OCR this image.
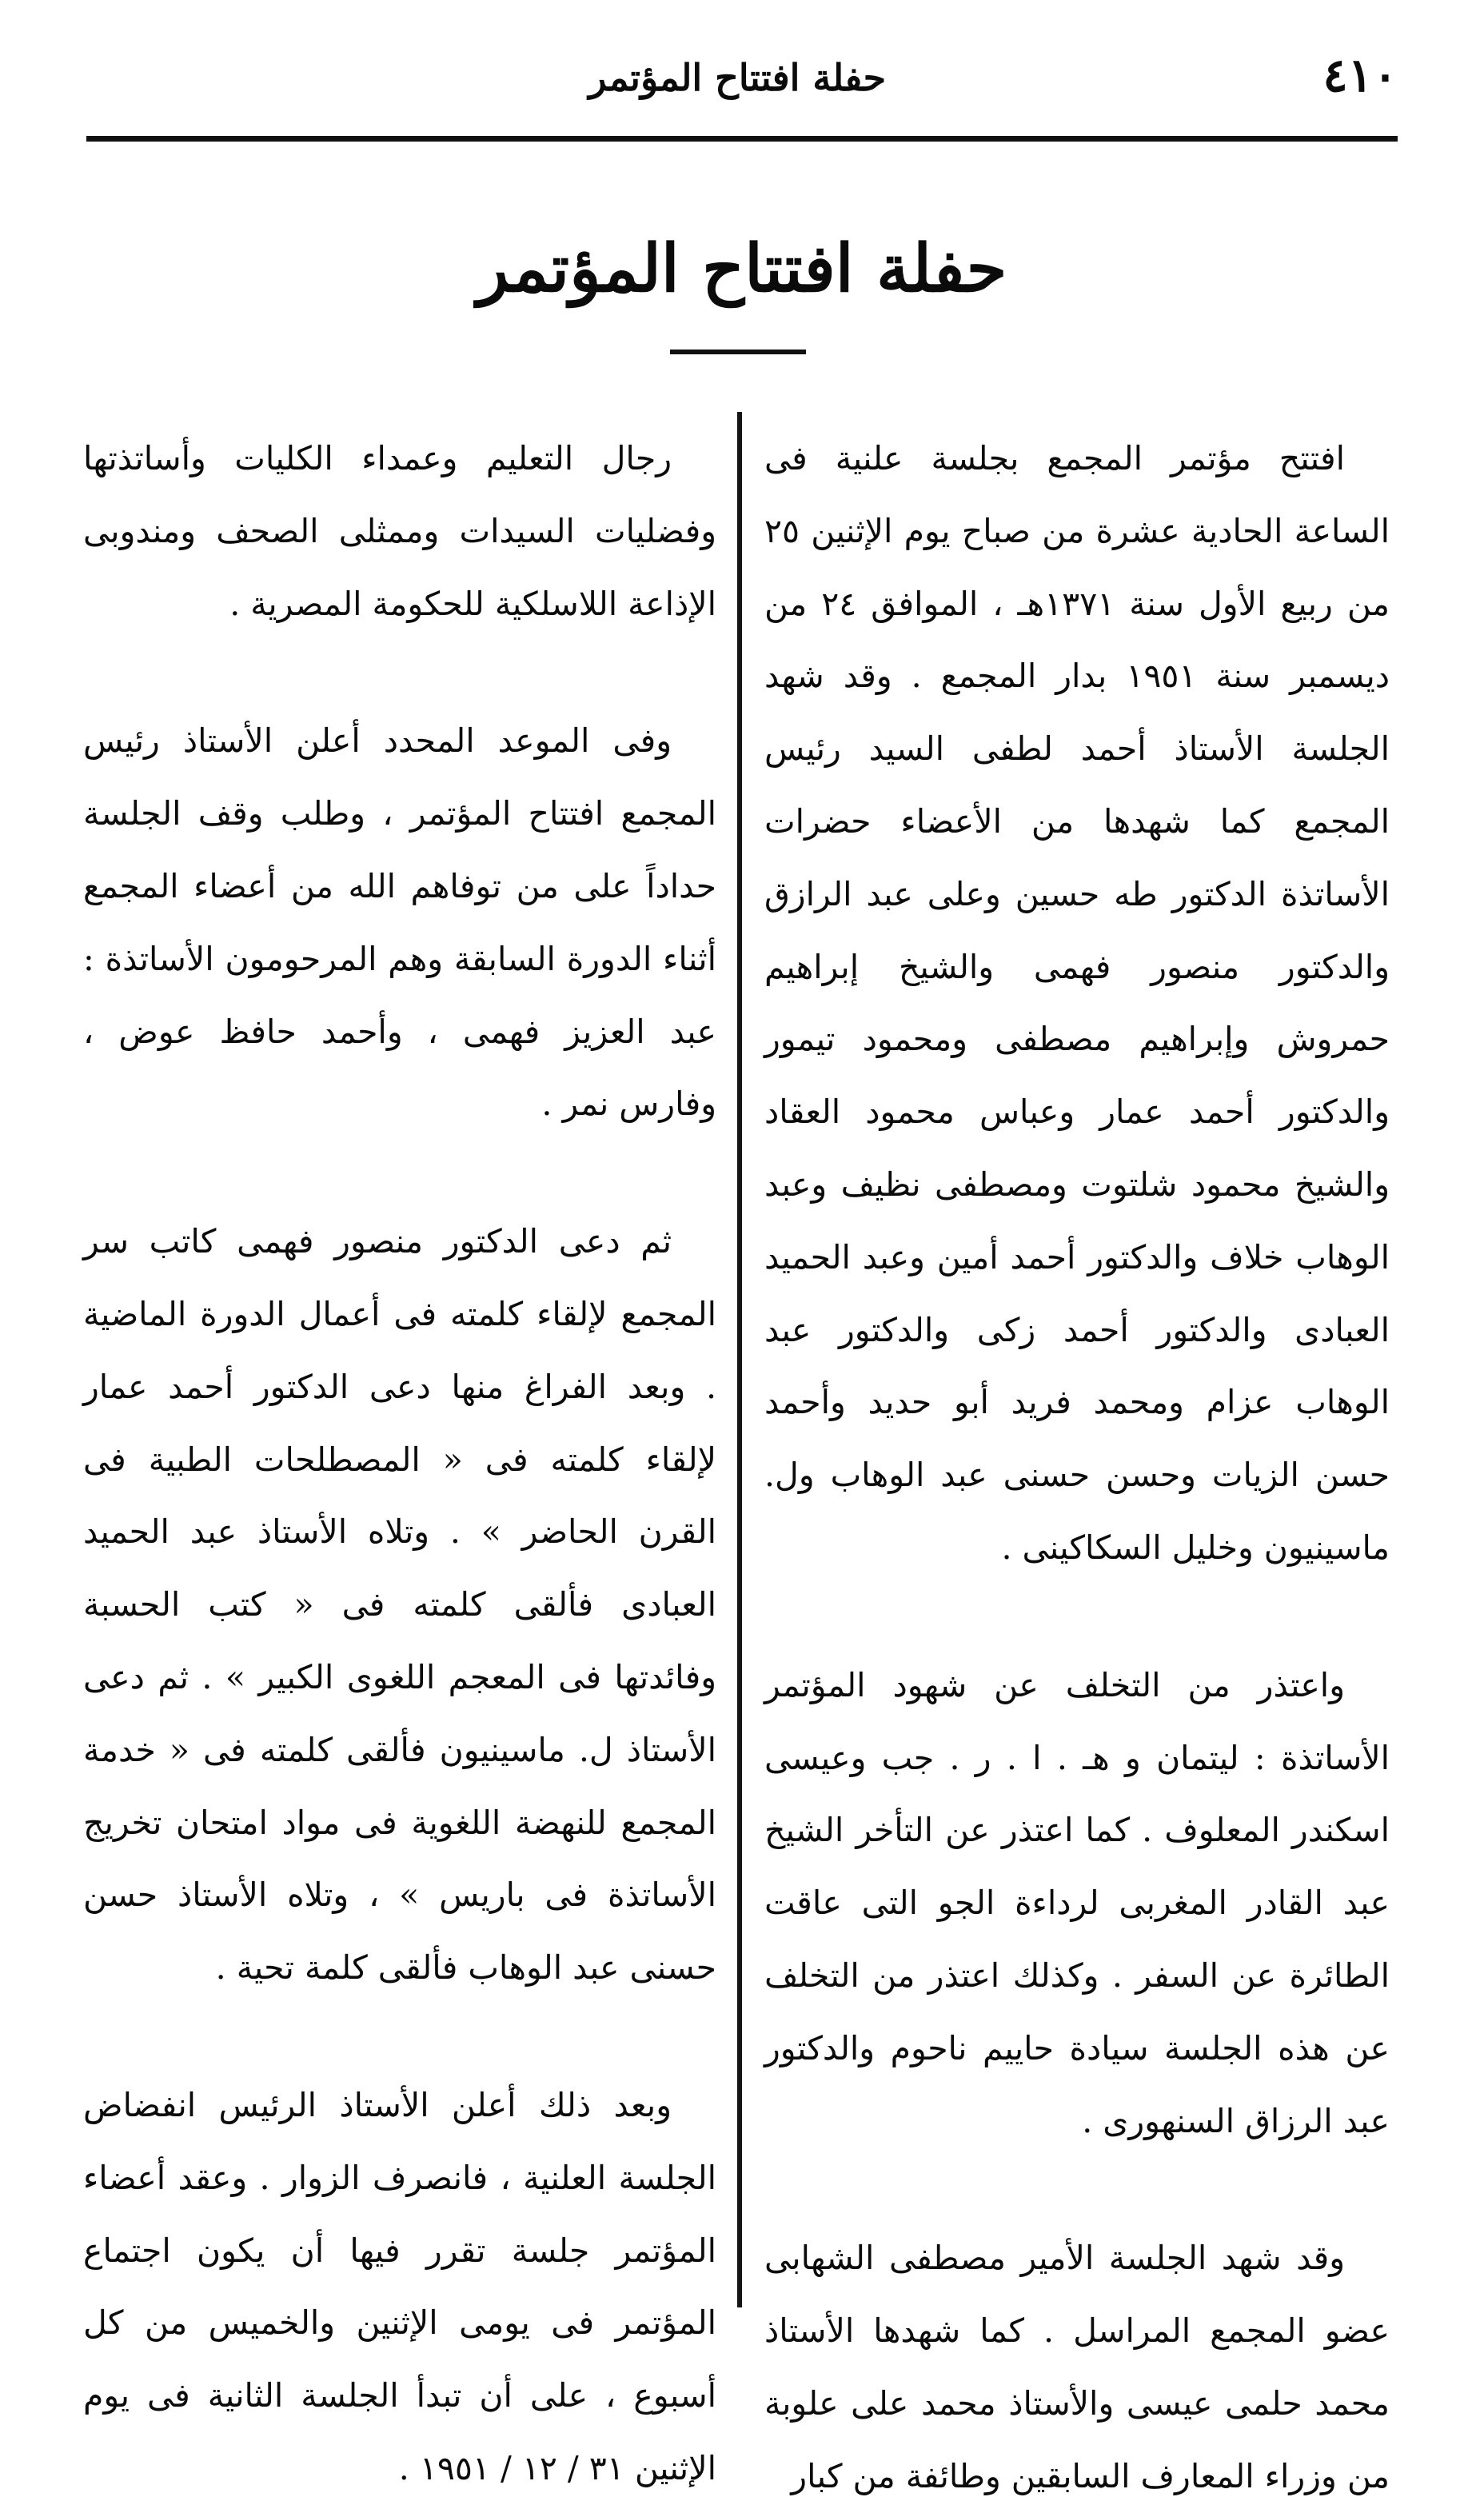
٤١٠
حفلة افتتاح المؤتمر
حفلة افتتاح المؤتمر

افتتح مؤتمر المجمع بجلسة علنية فى الساعة الحادية عشرة من صباح يوم الإثنين ٢٥ من ربيع الأول سنة ١٣٧١هـ ، الموافق ٢٤ من ديسمبر سنة ١٩٥١ بدار المجمع . وقد شهد الجلسة الأستاذ أحمد لطفى السيد رئيس المجمع كما شهدها من الأعضاء حضرات الأساتذة الدكتور طه حسين وعلى عبد الرازق والدكتور منصور فهمى والشيخ إبراهيم حمروش وإبراهيم مصطفى ومحمود تيمور والدكتور أحمد عمار وعباس محمود العقاد والشيخ محمود شلتوت ومصطفى نظيف وعبد الوهاب خلاف والدكتور أحمد أمين وعبد الحميد العبادى والدكتور أحمد زكى والدكتور عبد الوهاب عزام ومحمد فريد أبو حديد وأحمد حسن الزيات وحسن حسنى عبد الوهاب ول. ماسينيون وخليل السكاكينى .

واعتذر من التخلف عن شهود المؤتمر الأساتذة : ليتمان و هـ . ا . ر . جب وعيسى اسكندر المعلوف . كما اعتذر عن التأخر الشيخ عبد القادر المغربى لرداءة الجو التى عاقت الطائرة عن السفر . وكذلك اعتذر من التخلف عن هذه الجلسة سيادة حاييم ناحوم والدكتور عبد الرزاق السنهورى .

وقد شهد الجلسة الأمير مصطفى الشهابى عضو المجمع المراسل . كما شهدها الأستاذ محمد حلمى عيسى والأستاذ محمد على علوبة من وزراء المعارف السابقين وطائفة من كبار

رجال التعليم وعمداء الكليات وأساتذتها وفضليات السيدات وممثلى الصحف ومندوبى الإذاعة اللاسلكية للحكومة المصرية .

وفى الموعد المحدد أعلن الأستاذ رئيس المجمع افتتاح المؤتمر ، وطلب وقف الجلسة حداداً على من توفاهم الله من أعضاء المجمع أثناء الدورة السابقة وهم المرحومون الأساتذة : عبد العزيز فهمى ، وأحمد حافظ عوض ، وفارس نمر .

ثم دعى الدكتور منصور فهمى كاتب سر المجمع لإلقاء كلمته فى أعمال الدورة الماضية . وبعد الفراغ منها دعى الدكتور أحمد عمار لإلقاء كلمته فى « المصطلحات الطبية فى القرن الحاضر » . وتلاه الأستاذ عبد الحميد العبادى فألقى كلمته فى « كتب الحسبة وفائدتها فى المعجم اللغوى الكبير » . ثم دعى الأستاذ ل. ماسينيون فألقى كلمته فى « خدمة المجمع للنهضة اللغوية فى مواد امتحان تخريج الأساتذة فى باريس » ، وتلاه الأستاذ حسن حسنى عبد الوهاب فألقى كلمة تحية .

وبعد ذلك أعلن الأستاذ الرئيس انفضاض الجلسة العلنية ، فانصرف الزوار . وعقد أعضاء المؤتمر جلسة تقرر فيها أن يكون اجتماع المؤتمر فى يومى الإثنين والخميس من كل أسبوع ، على أن تبدأ الجلسة الثانية فى يوم الإثنين ٣١ / ١٢ / ١٩٥١ .
